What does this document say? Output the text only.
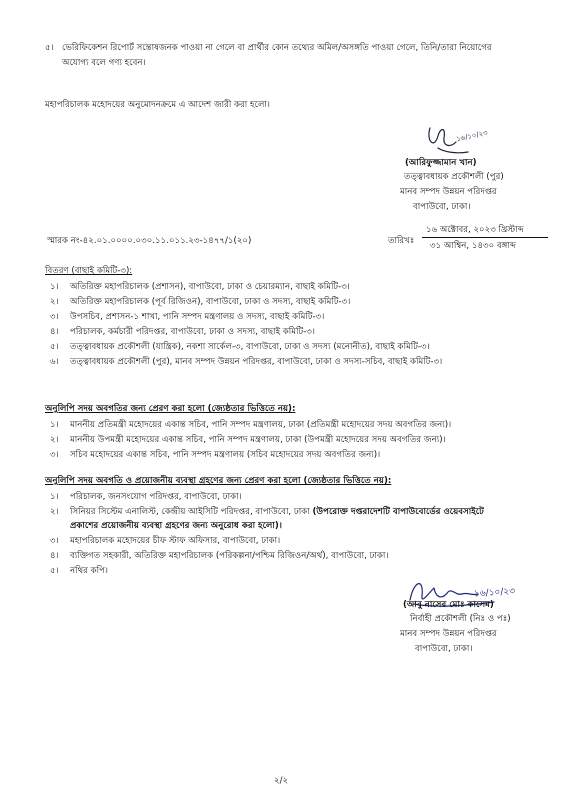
৫। ভেরিফিকেশন রিপোর্ট সন্তোষজনক পাওয়া না গেলে বা প্রার্থীর কোন তথ্যের অমিল/অসঙ্গতি পাওয়া গেলে, তিনি/তারা নিয়োগের
অযোগ্য বলে গণ্য হবেন।
মহাপরিচালক মহোদয়ের অনুমোদনক্রমে এ আদেশ জারী করা হলো।
১৬/১০/২৩
(আরিফুজ্জামান খান)
তত্ত্বাবধায়ক প্রকৌশলী (পুর)
মানব সম্পদ উন্নয়ন পরিদপ্তর
বাপাউবো, ঢাকা।
স্মারক নং-৪২.০১.০০০০.০৩০.১১.০১১.২৩-১৪৭৭/১(২০)	তারিখঃ
১৬ অক্টোবর, ২০২৩ খ্রিস্টাব্দ
৩১ আশ্বিন, ১৪৩০ বঙ্গাব্দ
বিতরণ (বাছাই কমিটি-৩):
১। অতিরিক্ত মহাপরিচালক (প্রশাসন), বাপাউবো, ঢাকা ও চেয়ারম্যান, বাছাই কমিটি-৩।
২। অতিরিক্ত মহাপরিচালক (পূর্ব রিজিওন), বাপাউবো, ঢাকা ও সদস্য, বাছাই কমিটি-৩।
৩। উপসচিব, প্রশাসন-১ শাখা, পানি সম্পদ মন্ত্রণালয় ও সদস্য, বাছাই কমিটি-৩।
৪। পরিচালক, কর্মচারী পরিদপ্তর, বাপাউবো, ঢাকা ও সদস্য, বাছাই কমিটি-৩।
৫। তত্ত্বাবধায়ক প্রকৌশলী (যান্ত্রিক), নকশা সার্কেল-৩, বাপাউবো, ঢাকা ও সদস্য (মনোনীত), বাছাই কমিটি-৩।
৬। তত্ত্বাবধায়ক প্রকৌশলী (পুর), মানব সম্পদ উন্নয়ন পরিদপ্তর, বাপাউবো, ঢাকা ও সদস্য-সচিব, বাছাই কমিটি-৩।
অনুলিপি সদয় অবগতির জন্য প্রেরণ করা হলো (জ্যেষ্ঠতার ভিত্তিতে নয়):
১। মাননীয় প্রতিমন্ত্রী মহোদয়ের একান্ত সচিব, পানি সম্পদ মন্ত্রণালয়, ঢাকা (প্রতিমন্ত্রী মহোদয়ের সদয় অবগতির জন্য)।
২। মাননীয় উপমন্ত্রী মহোদয়ের একান্ত সচিব, পানি সম্পদ মন্ত্রণালয়, ঢাকা (উপমন্ত্রী মহোদয়ের সদয় অবগতির জন্য)।
৩। সচিব মহোদয়ের একান্ত সচিব, পানি সম্পদ মন্ত্রণালয় (সচিব মহোদয়ের সদয় অবগতির জন্য)।
অনুলিপি সদয় অবগতি ও প্রয়োজনীয় ব্যবস্থা গ্রহণের জন্য প্রেরণ করা হলো (জ্যেষ্ঠতার ভিত্তিতে নয়):
১। পরিচালক, জনসংযোগ পরিদপ্তর, বাপাউবো, ঢাকা।
২। সিনিয়র সিস্টেম এনালিস্ট, কেন্দ্রীয় আইসিটি পরিদপ্তর, বাপাউবো, ঢাকা (উপরোক্ত দপ্তরাদেশটি বাপাউবোর্ডের ওয়েবসাইটে
প্রকাশের প্রয়োজনীয় ব্যবস্থা গ্রহণের জন্য অনুরোধ করা হলো)।
৩। মহাপরিচালক মহোদয়ের চীফ স্টাফ অফিসার, বাপাউবো, ঢাকা।
৪। ব্যক্তিগত সহকারী, অতিরিক্ত মহাপরিচালক (পরিকল্পনা/পশ্চিম রিজিওন/অর্থ), বাপাউবো, ঢাকা।
৫। নথির কপি।
১৬/১০/২৩
(আবু নাসের মোঃ কাসেম)
নির্বাহী প্রকৌশলী (নিঃ ও পঃ)
মানব সম্পদ উন্নয়ন পরিদপ্তর
বাপাউবো, ঢাকা।
২/২
